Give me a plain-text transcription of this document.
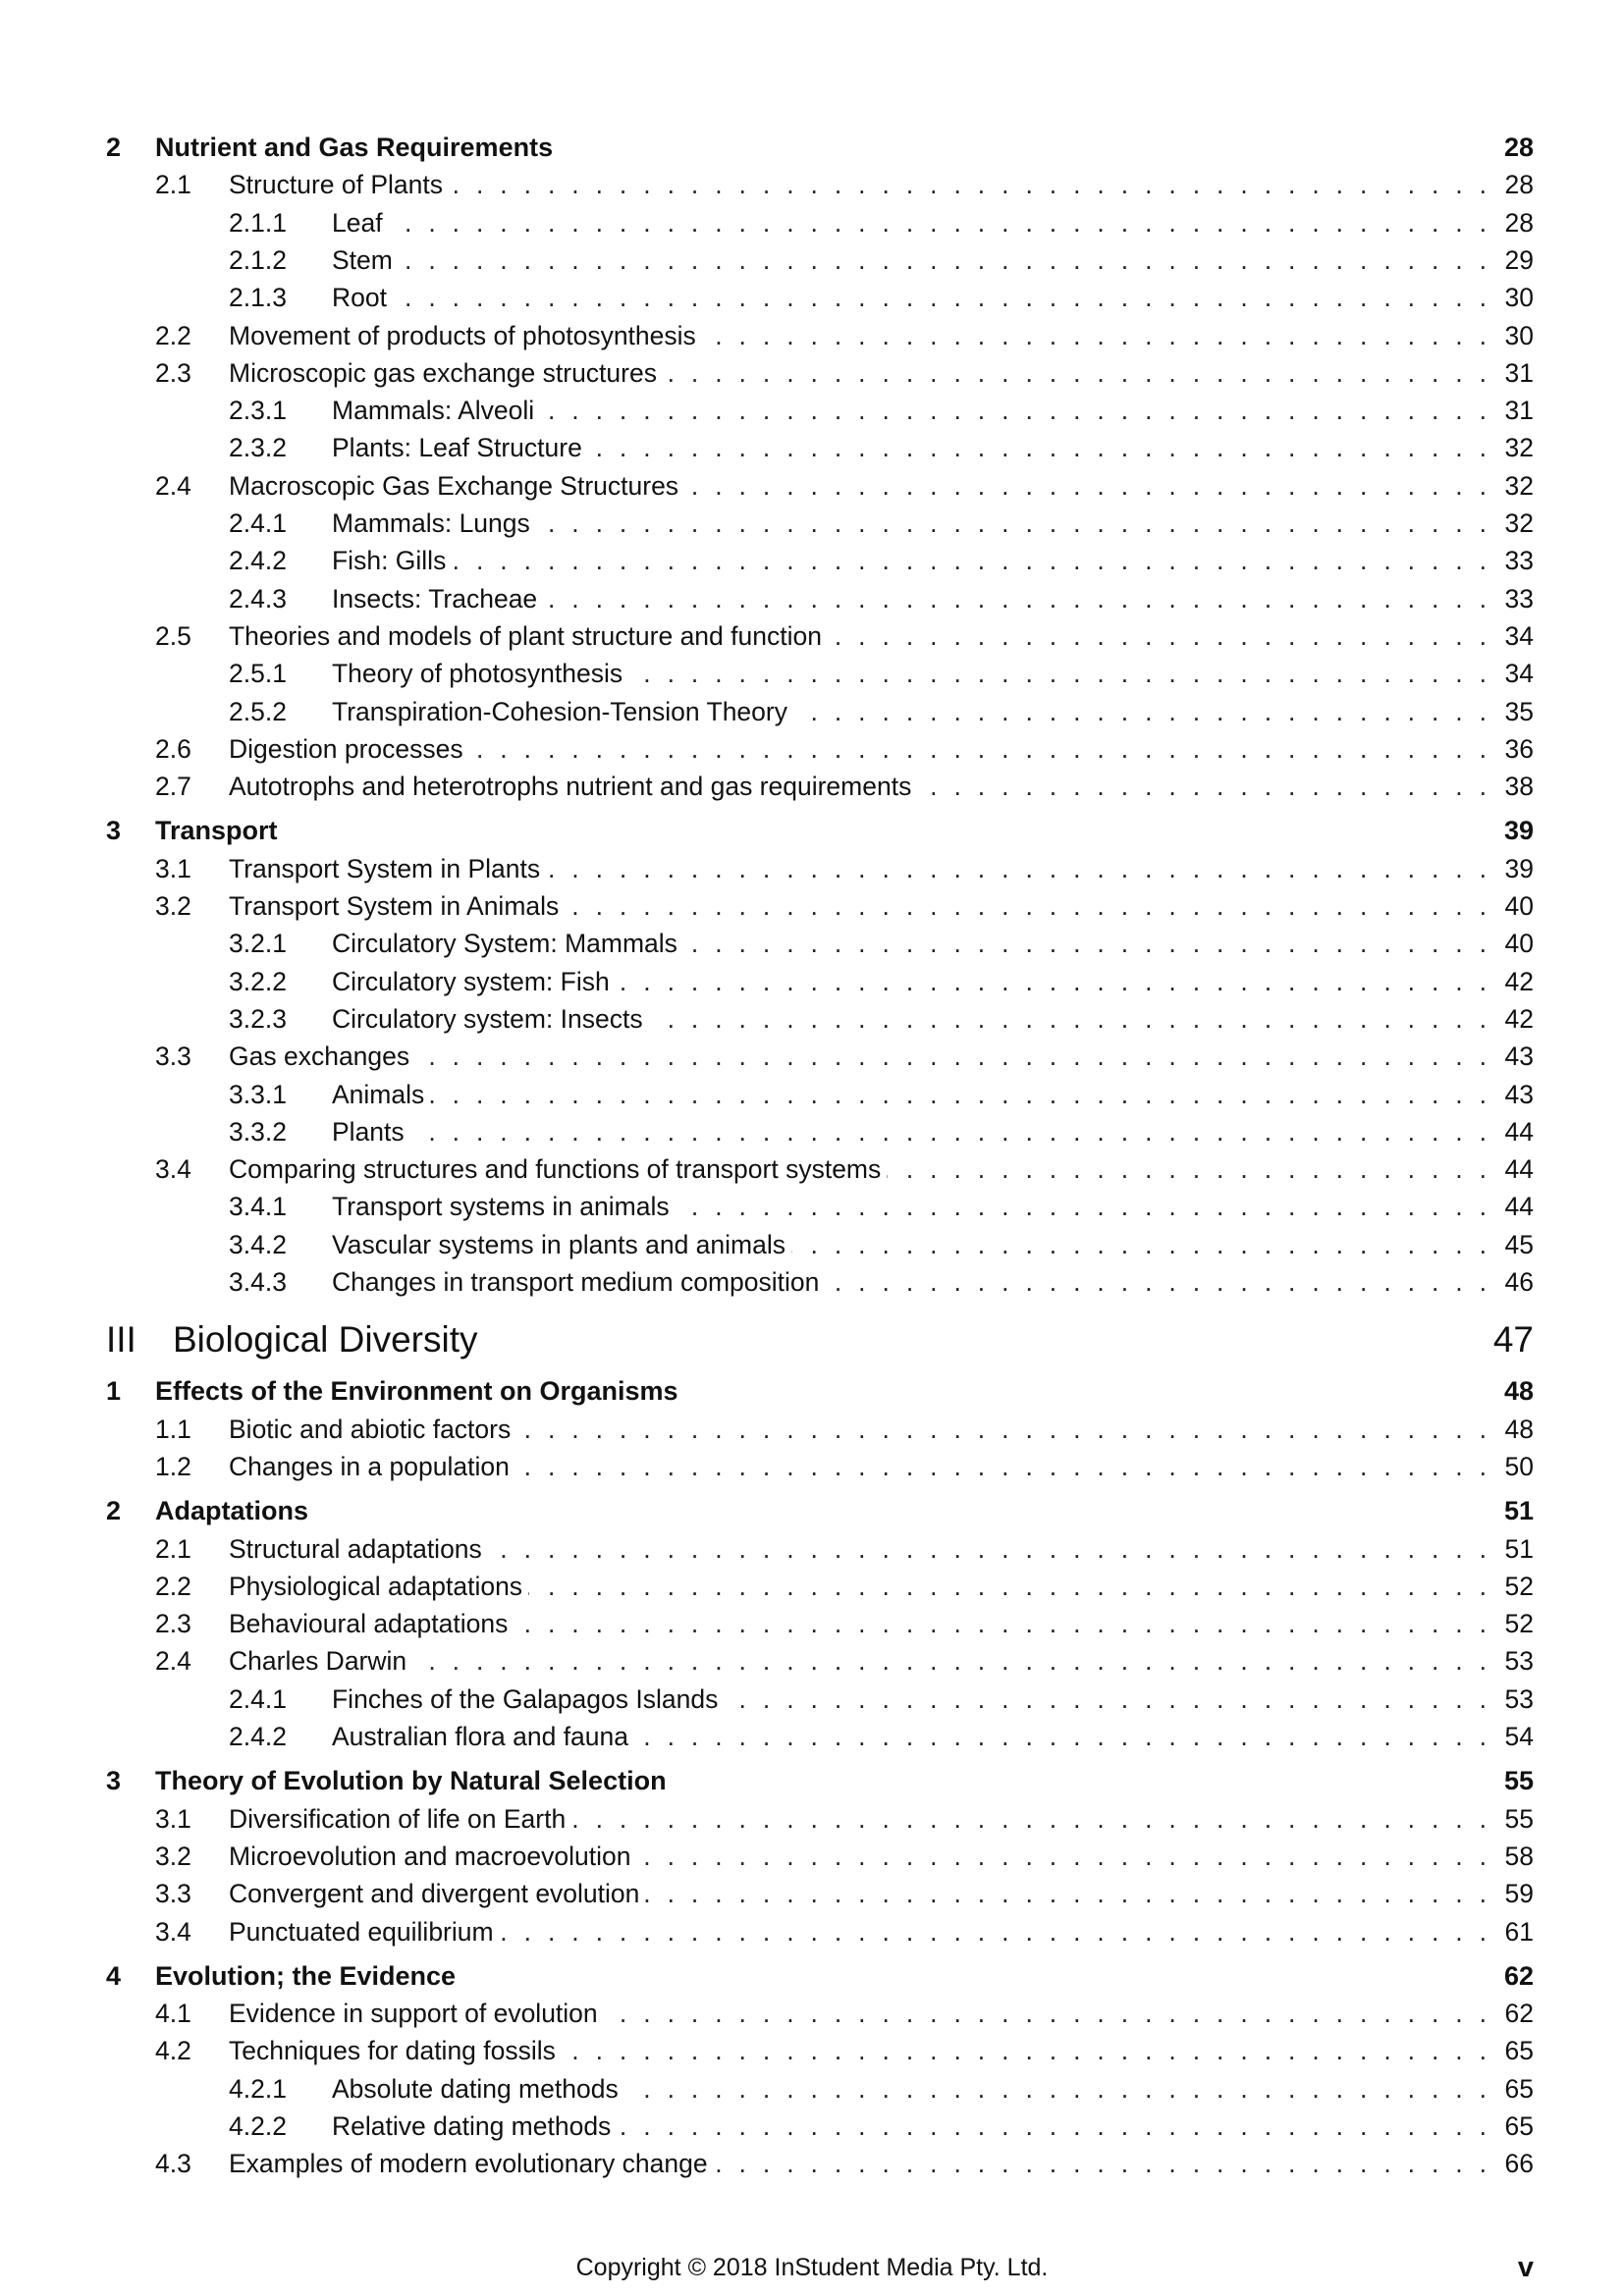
2 Nutrient and Gas Requirements	28
. . .
2.1 Structure of Plants	28
. . .
2.1.1 Leaf	28
. . .
2.1.2 Stem	29
. . .
2.1.3 Root	30
. . .
2.2 Movement of products of photosynthesis	30
. . .
2.3 Microscopic gas exchange structures	31
. . .
2.3.1 Mammals: Alveoli	31
. . .
2.3.2 Plants: Leaf Structure	32
. . .
2.4 Macroscopic Gas Exchange Structures	32
. . .
2.4.1 Mammals: Lungs	32
. . .
2.4.2 Fish: Gills	33
. . .
2.4.3 Insects: Tracheae	33
. . .
2.5 Theories and models of plant structure and function	34
. . .
2.5.1 Theory of photosynthesis	34
. . .
2.5.2 Transpiration-Cohesion-Tension Theory	35
. . .
2.6 Digestion processes	36
. . .
2.7 Autotrophs and heterotrophs nutrient and gas requirements	38
3 Transport	39
. . .
3.1 Transport System in Plants	39
. . .
3.2 Transport System in Animals	40
. . .
3.2.1 Circulatory System: Mammals	40
. . .
3.2.2 Circulatory system: Fish	42
. . .
3.2.3 Circulatory system: Insects	42
. . .
3.3 Gas exchanges	43
. . .
3.3.1 Animals	43
. . .
3.3.2 Plants	44
. . .
3.4 Comparing structures and functions of transport systems	44
. . .
3.4.1 Transport systems in animals	44
. . .
3.4.2 Vascular systems in plants and animals	45
. . .
3.4.3 Changes in transport medium composition	46
III Biological Diversity	47
1 Effects of the Environment on Organisms	48
. . .
1.1 Biotic and abiotic factors	48
. . .
1.2 Changes in a population	50
2 Adaptations	51
. . .
2.1 Structural adaptations	51
. . .
2.2 Physiological adaptations	52
. . .
2.3 Behavioural adaptations	52
. . .
2.4 Charles Darwin	53
. . .
2.4.1 Finches of the Galapagos Islands	53
. . .
2.4.2 Australian flora and fauna	54
3 Theory of Evolution by Natural Selection	55
. . .
3.1 Diversification of life on Earth	55
. . .
3.2 Microevolution and macroevolution	58
. . .
3.3 Convergent and divergent evolution	59
. . .
3.4 Punctuated equilibrium	61
4 Evolution; the Evidence	62
. . .
4.1 Evidence in support of evolution	62
. . .
4.2 Techniques for dating fossils	65
. . .
4.2.1 Absolute dating methods	65
. . .
4.2.2 Relative dating methods	65
. . .
4.3 Examples of modern evolutionary change	66
Copyright © 2018 InStudent Media Pty. Ltd.	v
